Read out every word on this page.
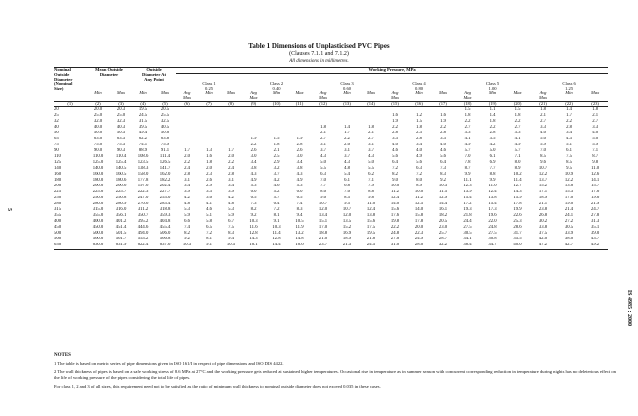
Table 1 Dimensions of Unplasticised PVC Pipes
(Clauses 7.1.1 and 7.1.2)
All dimensions in millimetres.
Nominal	Mean Outside		Outside		Working Pressure, MPa																	
Outside	Diameter		Diameter At																			
Diameter			Any Point																			
(Nominal					Class 1			Class 2			Class 3			Class 4			Class 5			Class 6		
Size)					0.25			0.40			0.60			0.80			1.00			1.25		
	Min	Max	Min	Max	Avg	Min	Max	Avg	Min	Max	Avg	Min	Max	Avg	Min	Max	Avg	Min	Max	Avg	Min	Max
					Max			Max			Max			Max			Max			Max		
(1)	(2)	(3)	(4)	(5)	(6)	(7)	(8)	(9)	(10)	(11)	(12)	(13)	(14)	(15)	(16)	(17)	(18)	(19)	(20)	(21)	(22)	(23)
20	20.0	20.3	19.5	20.5													1.5	1.1	1.5	1.8	1.4	1.8
25	25.0	25.0	24.5	25.5										1.6	1.2	1.6	1.8	1.4	1.8	2.1	1.7	2.1
32	32.0	32.3	31.5	32.5										1.9	1.5	1.9	2.2	1.8	2.2	2.7	2.2	2.7
40	40.0	40.3	39.5	40.5							1.8	1.4	1.8	2.2	1.8	2.2	2.7	2.2	2.7	3.3	2.8	3.3
50	50.0	50.3	49.4	50.6							2.1	1.7	2.1	2.8	2.3	2.8	3.3	2.8	3.3	4.0	3.4	4.0
63	63.0	63.3	62.2	63.8				1.9	1.5	1.9	2.7	2.2	2.7	3.3	2.8	3.3	4.1	3.5	4.1	5.0	4.3	5.0
75	75.0	75.3	74.1	75.9				2.2	1.8	2.8	3.1	2.6	3.1	4.0	3.4	4.0	4.9	4.2	4.9	5.9	5.1	5.9
90	90.0	90.3	88.9	91.1	1.7	1.3	1.7	2.6	2.1	2.6	3.7	3.1	3.7	4.6	4.0	4.6	5.7	5.0	5.7	7.0	6.1	7.1
110	110.0	110.4	108.6	111.4	2.0	1.6	2.0	3.0	2.5	3.0	4.3	3.7	4.3	5.6	4.9	5.6	7.0	6.1	7.1	8.5	7.5	8.7
125	125.0	125.4	123.5	126.5	2.2	1.8	2.2	3.4	2.9	3.4	5.0	4.3	5.0	6.4	5.6	6.4	7.8	6.9	8.0	9.6	8.5	9.8
140	140.0	140.5	138.3	141.7	2.4	2.0	2.4	3.8	3.2	3.8	5.5	4.8	5.5	7.2	6.3	7.3	8.7	7.7	8.9	10.7	9.5	11.0
160	160.0	160.5	158.0	162.0	2.8	2.3	2.8	4.3	3.7	4.3	6.3	5.4	6.2	8.2	7.2	8.3	9.9	8.8	10.2	12.2	10.9	12.6
180	180.0	180.6	177.8	182.2	3.1	2.6	3.1	4.9	4.2	4.9	7.0	6.1	7.1	9.0	8.0	9.2	11.1	9.9	11.4	13.7	12.2	14.1
200	200.0	200.6	197.6	202.4	3.4	2.9	3.4	5.3	4.6	5.3	7.7	6.8	7.9	10.0	8.9	10.3	12.3	11.0	12.7	15.2	13.6	15.7
225	225.0	225.7	222.3	227.7	3.9	3.3	3.9	6.0	5.2	6.0	8.6	7.6	8.8	11.2	10.0	11.5	13.9	12.4	14.3	17.1	15.3	17.6
250	250.0	250.8	247.0	253.0	4.2	3.6	4.2	6.5	5.7	6.5	9.6	8.5	9.8	12.4	11.2	12.9	15.4	13.8	15.9	18.9	17.0	19.6
280	280.0	280.9	276.6	283.4	4.8	4.1	4.8	7.3	6.4	7.4	10.7	9.5	11.0	14.0	12.5	14.4	17.2	15.4	17.8	21.1	19.0	21.9
315	315.0	316.0	311.2	318.8	5.3	4.6	5.3	8.2	7.2	8.3	12.0	10.7	12.4	15.6	14.0	16.1	19.3	17.3	19.9	23.8	21.4	24.7
355	355.0	356.1	350.7	359.3	5.9	5.1	5.9	9.2	8.1	9.4	13.4	12.0	13.8	17.6	15.8	18.2	21.8	19.6	22.6	26.8	24.1	27.8
400	400.0	401.2	395.2	404.8	6.6	5.8	6.7	10.3	9.1	10.5	15.1	13.5	15.6	19.8	17.8	20.5	24.4	22.0	25.3	30.2	27.2	31.3
450	450.0	451.4	444.6	455.4	7.4	6.5	7.5	11.6	10.3	11.9	17.0	15.2	17.5	22.2	20.0	23.0	27.5	24.8	28.6	33.8	30.5	35.1
500	500.0	501.5	494.0	506.0	8.2	7.2	8.3	12.8	11.4	13.2	18.8	16.9	19.5	24.8	22.3	25.7	30.5	27.5	31.7	37.5	33.9	39.0
560	560.0	561.7	553.2	566.8	9.2	8.1	9.4	14.3	12.8	14.8	21.0	18.9	21.8	27.6	24.9	28.7	34.1	30.8	35.5	42.0	38.0	43.7
630	630.0	631.9	622.4	637.6	10.3	9.1	10.5	16.1	14.4	16.6	23.7	21.3	24.5	31.0	28.0	32.2	38.4	34.7	40.0	47.2	42.7	49.2
NOTES
1 The table is based on metric series of pipe dimensions given in ISO 161/I in respect of pipe dimensions and ISO DIS 4422.
2 The wall thickness of pipes is based on a safe working stress of 8.6 MPa at 27°C and the working pressure gets reduced at sustained higher temperatures. Occasional rise in temperature as in summer season with concurrent corresponding reduction in temperature during nights has no deleterious effect on the life of working pressure of the pipes considering the total life of pipes.
For class 1, 2 and 3 of all sizes, this requirement need not to be satisfied as the ratio of minimum wall thickness to nominal outside diameter does not exceed 0.035 in these cases.
IS 4985 : 2000
5
